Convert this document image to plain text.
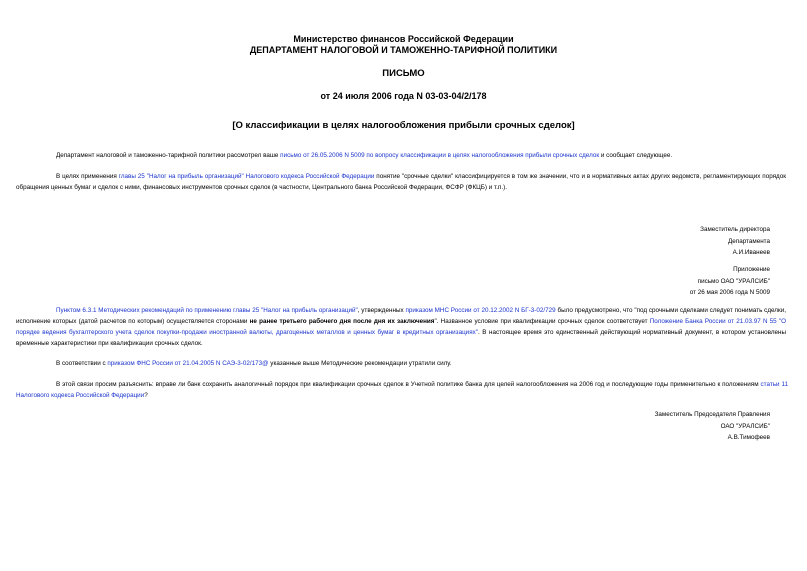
Министерство финансов Российской Федерации
ДЕПАРТАМЕНТ НАЛОГОВОЙ И ТАМОЖЕННО-ТАРИФНОЙ ПОЛИТИКИ
ПИСЬМО
от 24 июля 2006 года N 03-03-04/2/178
[О классификации в целях налогообложения прибыли срочных сделок]
Департамент налоговой и таможенно-тарифной политики рассмотрел ваше письмо от 26.05.2006 N 5009 по вопросу классификации в целях налогообложения прибыли срочных сделок и сообщает следующее.
В целях применения главы 25 "Налог на прибыль организаций" Налогового кодекса Российской Федерации понятие "срочные сделки" классифицируется в том же значении, что и в нормативных актах других ведомств, регламентирующих порядок обращения ценных бумаг и сделок с ними, финансовых инструментов срочных сделок (в частности, Центрального банка Российской Федерации, ФСФР (ФКЦБ) и т.п.).
Заместитель директора
Департамента
А.И.Иванеев
Приложение
письмо ОАО "УРАЛСИБ"
от 26 мая 2006 года N 5009
Пунктом 6.3.1 Методических рекомендаций по применению главы 25 "Налог на прибыль организаций", утвержденных приказом МНС России от 20.12.2002 N БГ-3-02/729 было предусмотрено, что "под срочными сделками следует понимать сделки, исполнение которых (датой расчетов по которым) осуществляется сторонами не ранее третьего рабочего дня после дня их заключения". Названное условие при квалификации срочных сделок соответствует Положение Банка России от 21.03.97 N 55 "О порядке ведения бухгалтерского учета сделок покупки-продажи иностранной валюты, драгоценных металлов и ценных бумаг в кредитных организациях". В настоящее время это единственный действующий нормативный документ, в котором установлены временные характеристики при квалификации срочных сделок.
В соответствии с приказом ФНС России от 21.04.2005 N САЭ-3-02/173@ указанные выше Методические рекомендации утратили силу.
В этой связи просим разъяснить: вправе ли банк сохранить аналогичный порядок при квалификации срочных сделок в Учетной политике банка для целей налогообложения на 2006 год и последующие годы применительно к положениям статьи 11 Налогового кодекса Российской Федерации?
Заместитель Председателя Правления
ОАО "УРАЛСИБ"
А.В.Тимофеев
